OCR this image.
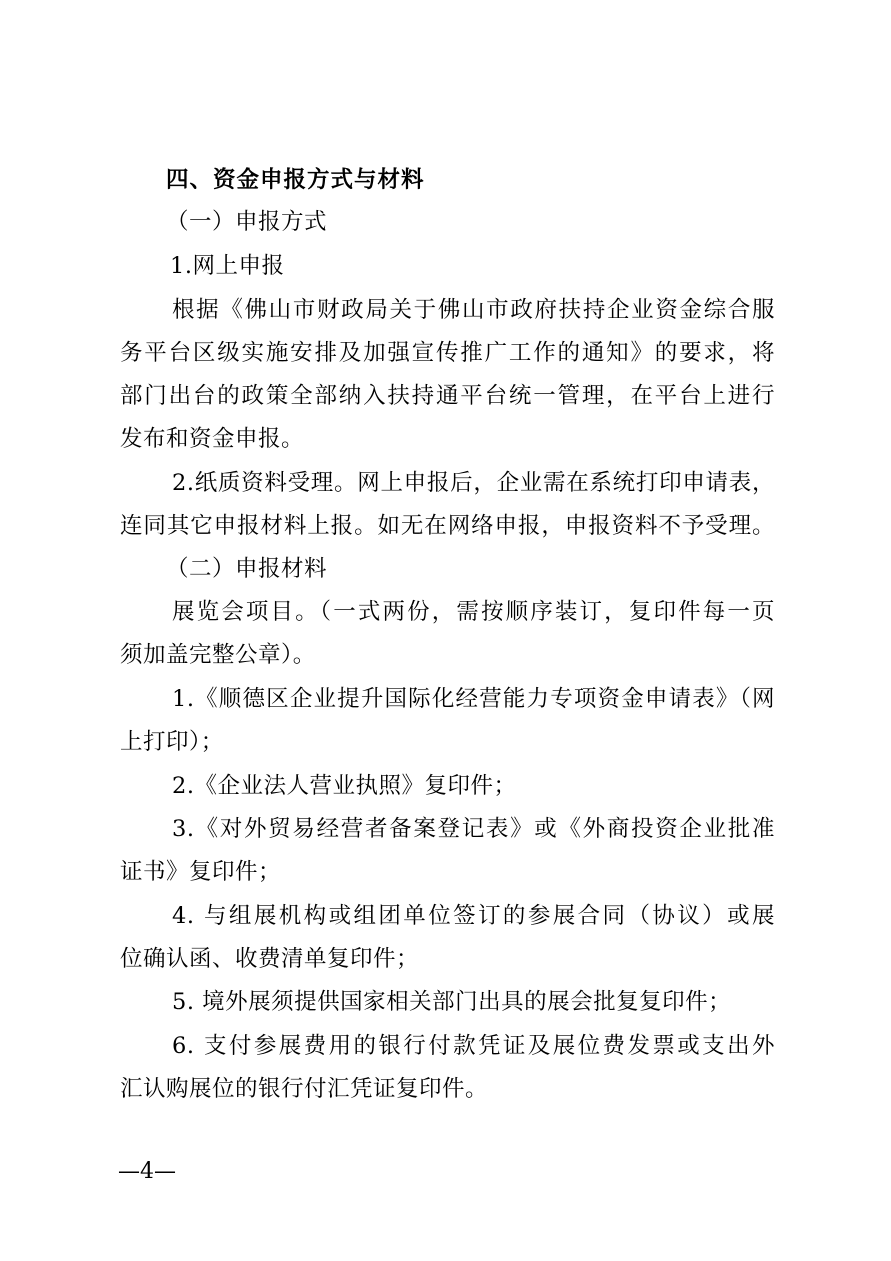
四、资金申报方式与材料
（一）申报方式
1.网上申报
根据《佛山市财政局关于佛山市政府扶持企业资金综合服
务平台区级实施安排及加强宣传推广工作的通知》的要求，将
部门出台的政策全部纳入扶持通平台统一管理，在平台上进行
发布和资金申报。
2.纸质资料受理。网上申报后，企业需在系统打印申请表，
连同其它申报材料上报。如无在网络申报，申报资料不予受理。
（二）申报材料
展览会项目。（一式两份，需按顺序装订，复印件每一页
须加盖完整公章）。
1.《顺德区企业提升国际化经营能力专项资金申请表》（网
上打印）；
2.《企业法人营业执照》复印件；
3.《对外贸易经营者备案登记表》或《外商投资企业批准
证书》复印件；
4. 与组展机构或组团单位签订的参展合同（协议）或展
位确认函、收费清单复印件；
5. 境外展须提供国家相关部门出具的展会批复复印件；
6. 支付参展费用的银行付款凭证及展位费发票或支出外
汇认购展位的银行付汇凭证复印件。
—4—
